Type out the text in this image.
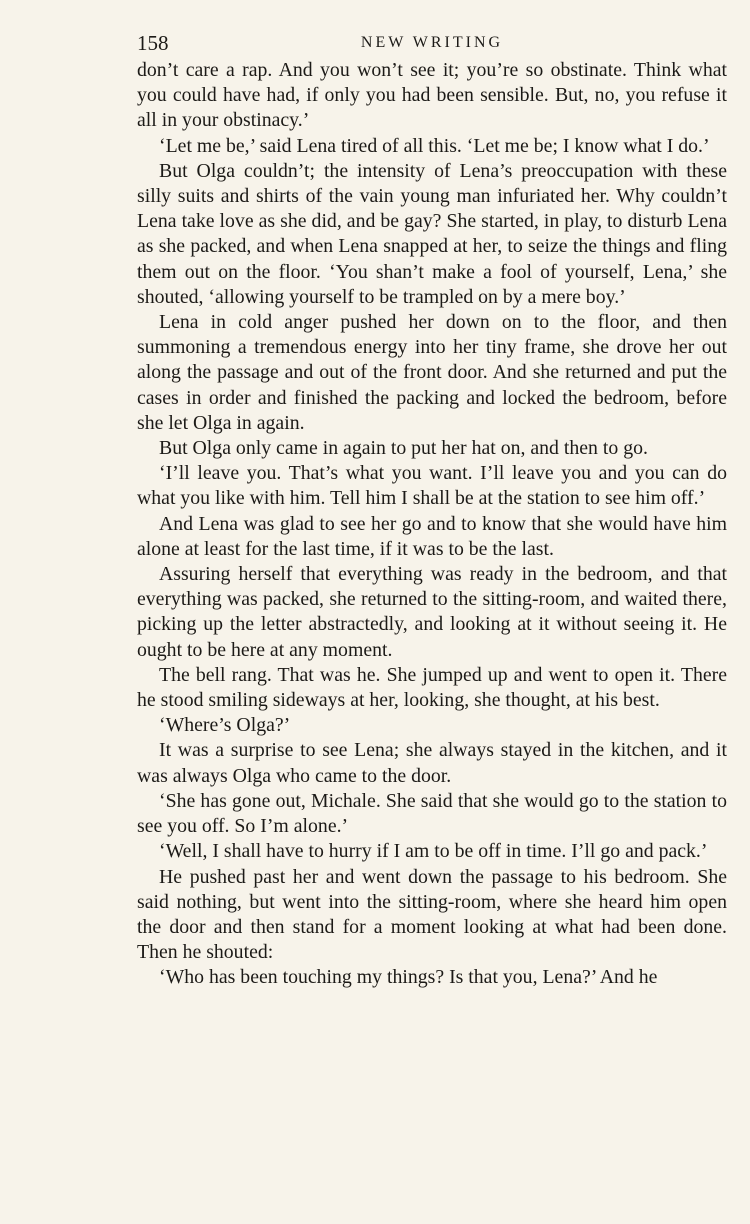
158	NEW WRITING

don’t care a rap. And you won’t see it; you’re so obstinate. Think what you could have had, if only you had been sensible. But, no, you refuse it all in your obstinacy.’

‘Let me be,’ said Lena tired of all this. ‘Let me be; I know what I do.’

But Olga couldn’t; the intensity of Lena’s preoccupation with these silly suits and shirts of the vain young man infuriated her. Why couldn’t Lena take love as she did, and be gay? She started, in play, to disturb Lena as she packed, and when Lena snapped at her, to seize the things and fling them out on the floor. ‘You shan’t make a fool of yourself, Lena,’ she shouted, ‘allowing yourself to be trampled on by a mere boy.’

Lena in cold anger pushed her down on to the floor, and then summoning a tremendous energy into her tiny frame, she drove her out along the passage and out of the front door. And she returned and put the cases in order and finished the packing and locked the bedroom, before she let Olga in again.

But Olga only came in again to put her hat on, and then to go.

‘I’ll leave you. That’s what you want. I’ll leave you and you can do what you like with him. Tell him I shall be at the station to see him off.’

And Lena was glad to see her go and to know that she would have him alone at least for the last time, if it was to be the last.

Assuring herself that everything was ready in the bedroom, and that everything was packed, she returned to the sitting-room, and waited there, picking up the letter abstractedly, and looking at it without seeing it. He ought to be here at any moment.

The bell rang. That was he. She jumped up and went to open it. There he stood smiling sideways at her, looking, she thought, at his best.

‘Where’s Olga?’

It was a surprise to see Lena; she always stayed in the kitchen, and it was always Olga who came to the door.

‘She has gone out, Michale. She said that she would go to the station to see you off. So I’m alone.’

‘Well, I shall have to hurry if I am to be off in time. I’ll go and pack.’

He pushed past her and went down the passage to his bedroom. She said nothing, but went into the sitting-room, where she heard him open the door and then stand for a moment looking at what had been done. Then he shouted:

‘Who has been touching my things? Is that you, Lena?’ And he
